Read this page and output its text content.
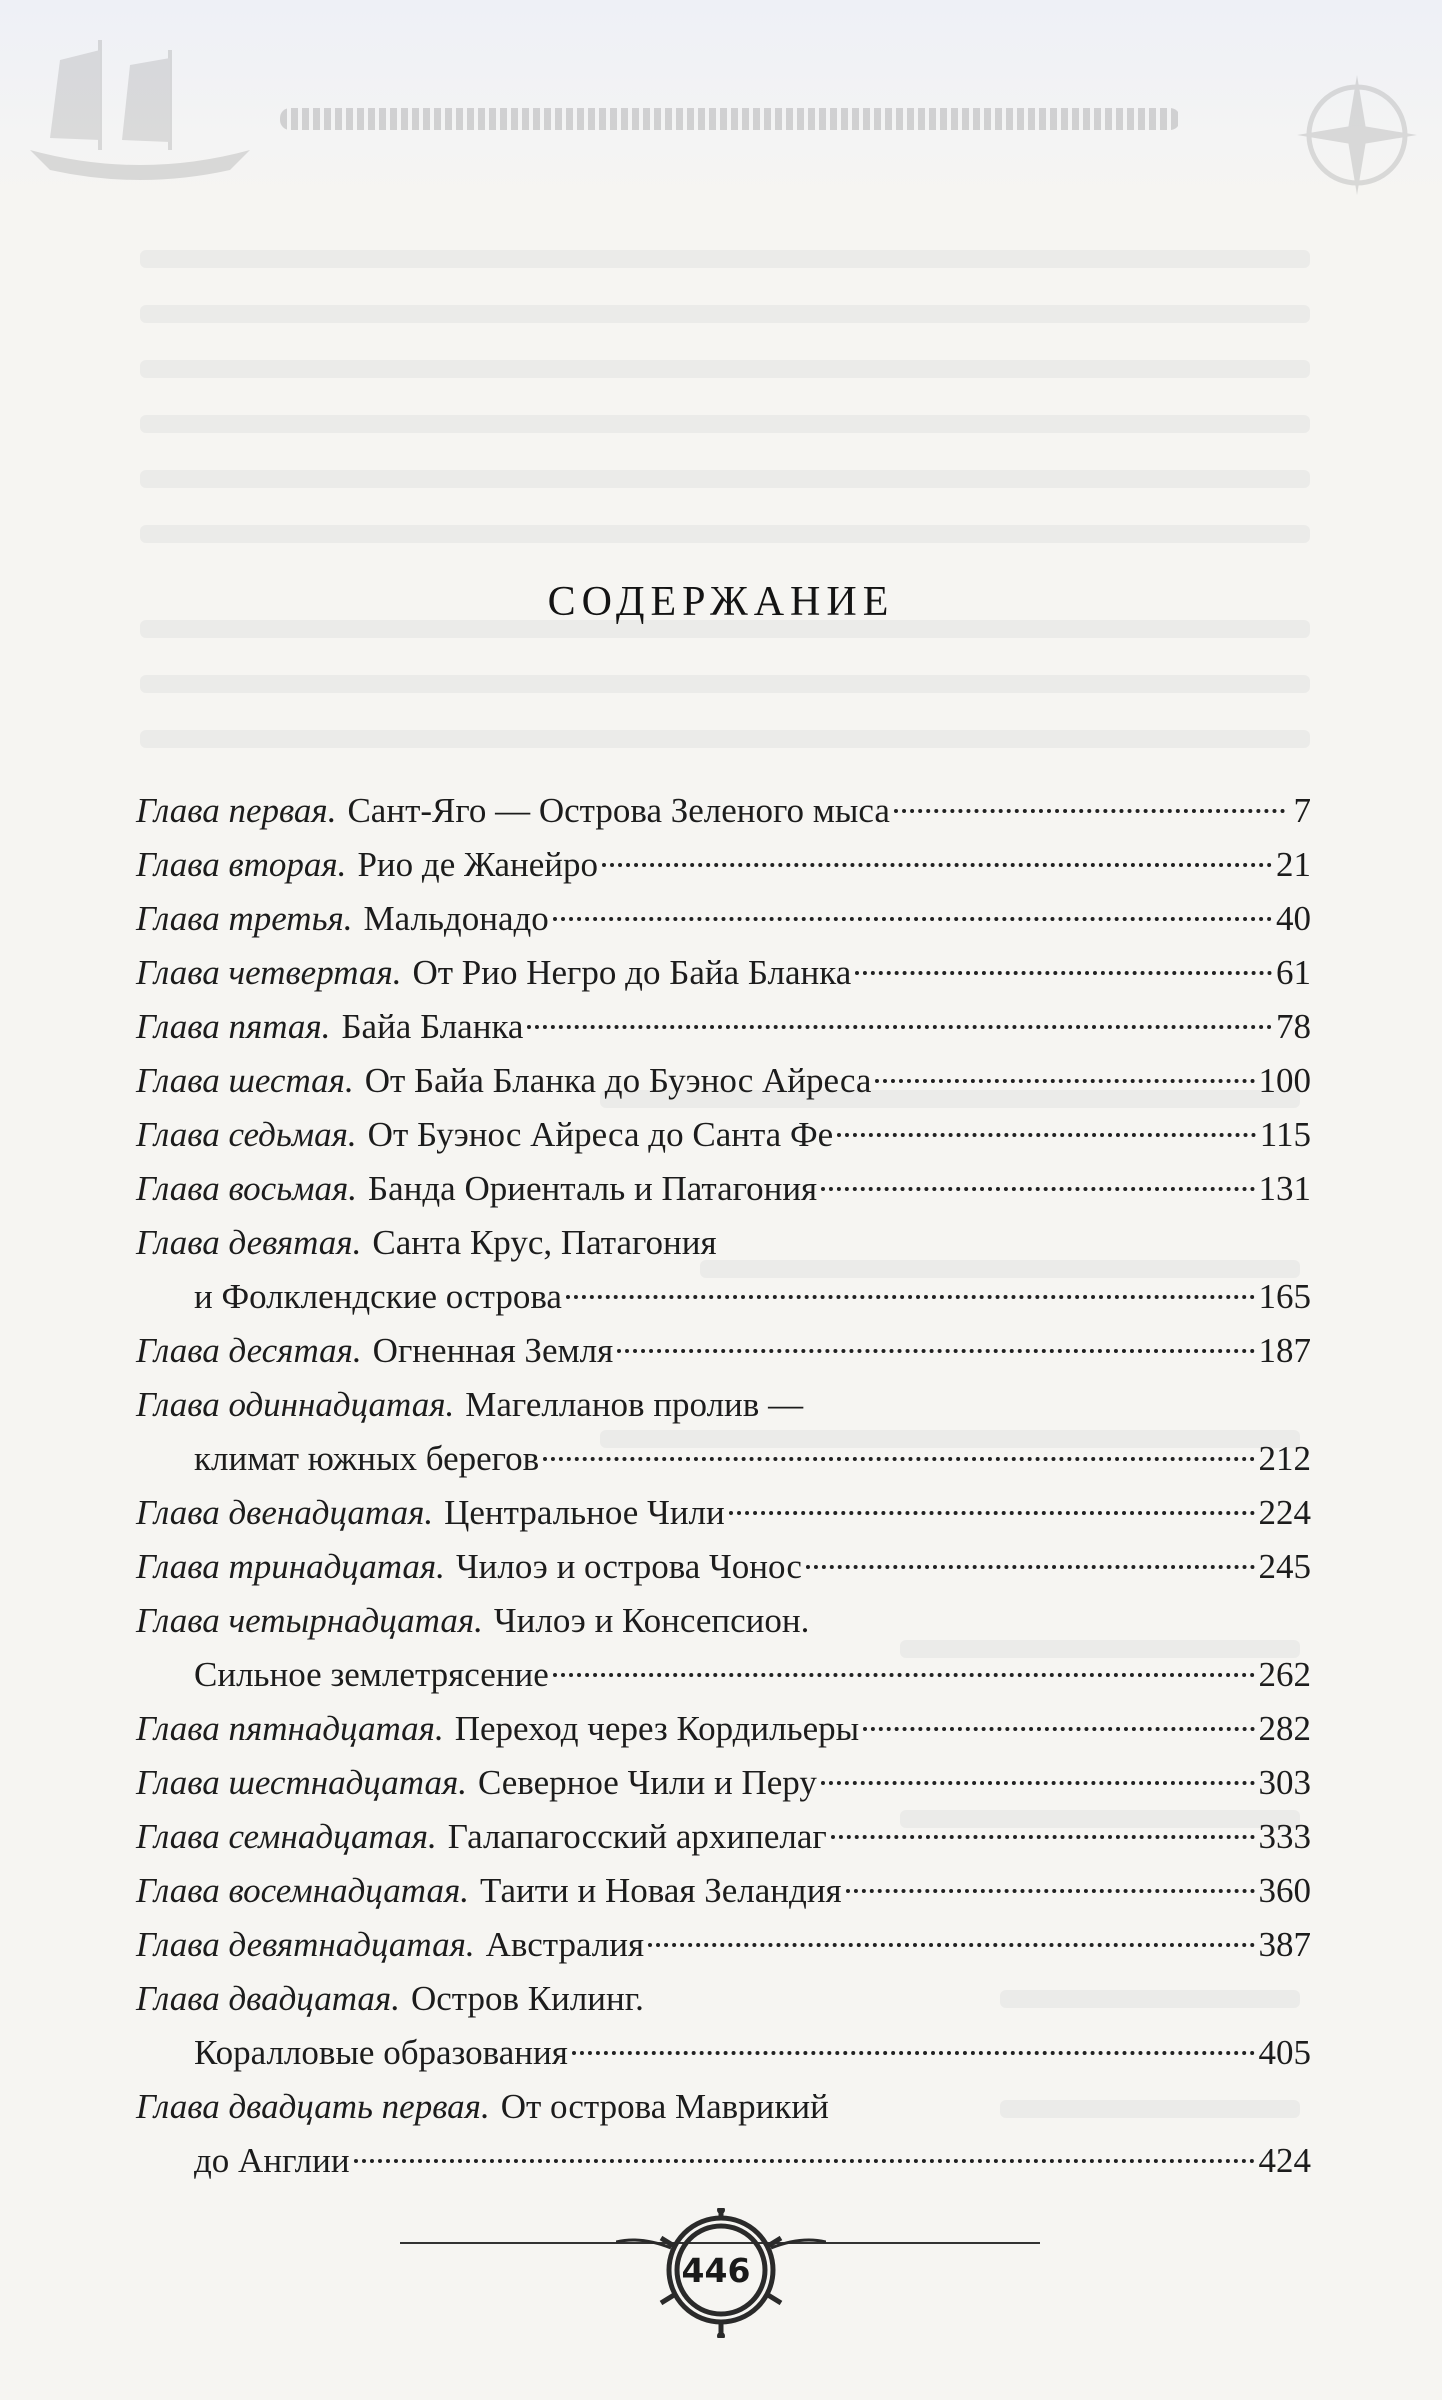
СОДЕРЖАНИЕ
Глава первая. Сант-Яго — Острова Зеленого мыса	7
Глава вторая. Рио де Жанейро	21
Глава третья. Мальдонадо	40
Глава четвертая. От Рио Негро до Байа Бланка	61
Глава пятая. Байа Бланка	78
Глава шестая. От Байа Бланка до Буэнос Айреса	100
Глава седьмая. От Буэнос Айреса до Санта Фе	115
Глава восьмая. Банда Ориенталь и Патагония	131
Глава девятая. Санта Крус, Патагония
и Фолклендские острова	165
Глава десятая. Огненная Земля	187
Глава одиннадцатая. Магелланов пролив —
климат южных берегов	212
Глава двенадцатая. Центральное Чили	224
Глава тринадцатая. Чилоэ и острова Чонос	245
Глава четырнадцатая. Чилоэ и Консепсион.
Сильное землетрясение	262
Глава пятнадцатая. Переход через Кордильеры	282
Глава шестнадцатая. Северное Чили и Перу	303
Глава семнадцатая. Галапагосский архипелаг	333
Глава восемнадцатая. Таити и Новая Зеландия	360
Глава девятнадцатая. Австралия	387
Глава двадцатая. Остров Килинг.
Коралловые образования	405
Глава двадцать первая. От острова Маврикий
до Англии	424
446
